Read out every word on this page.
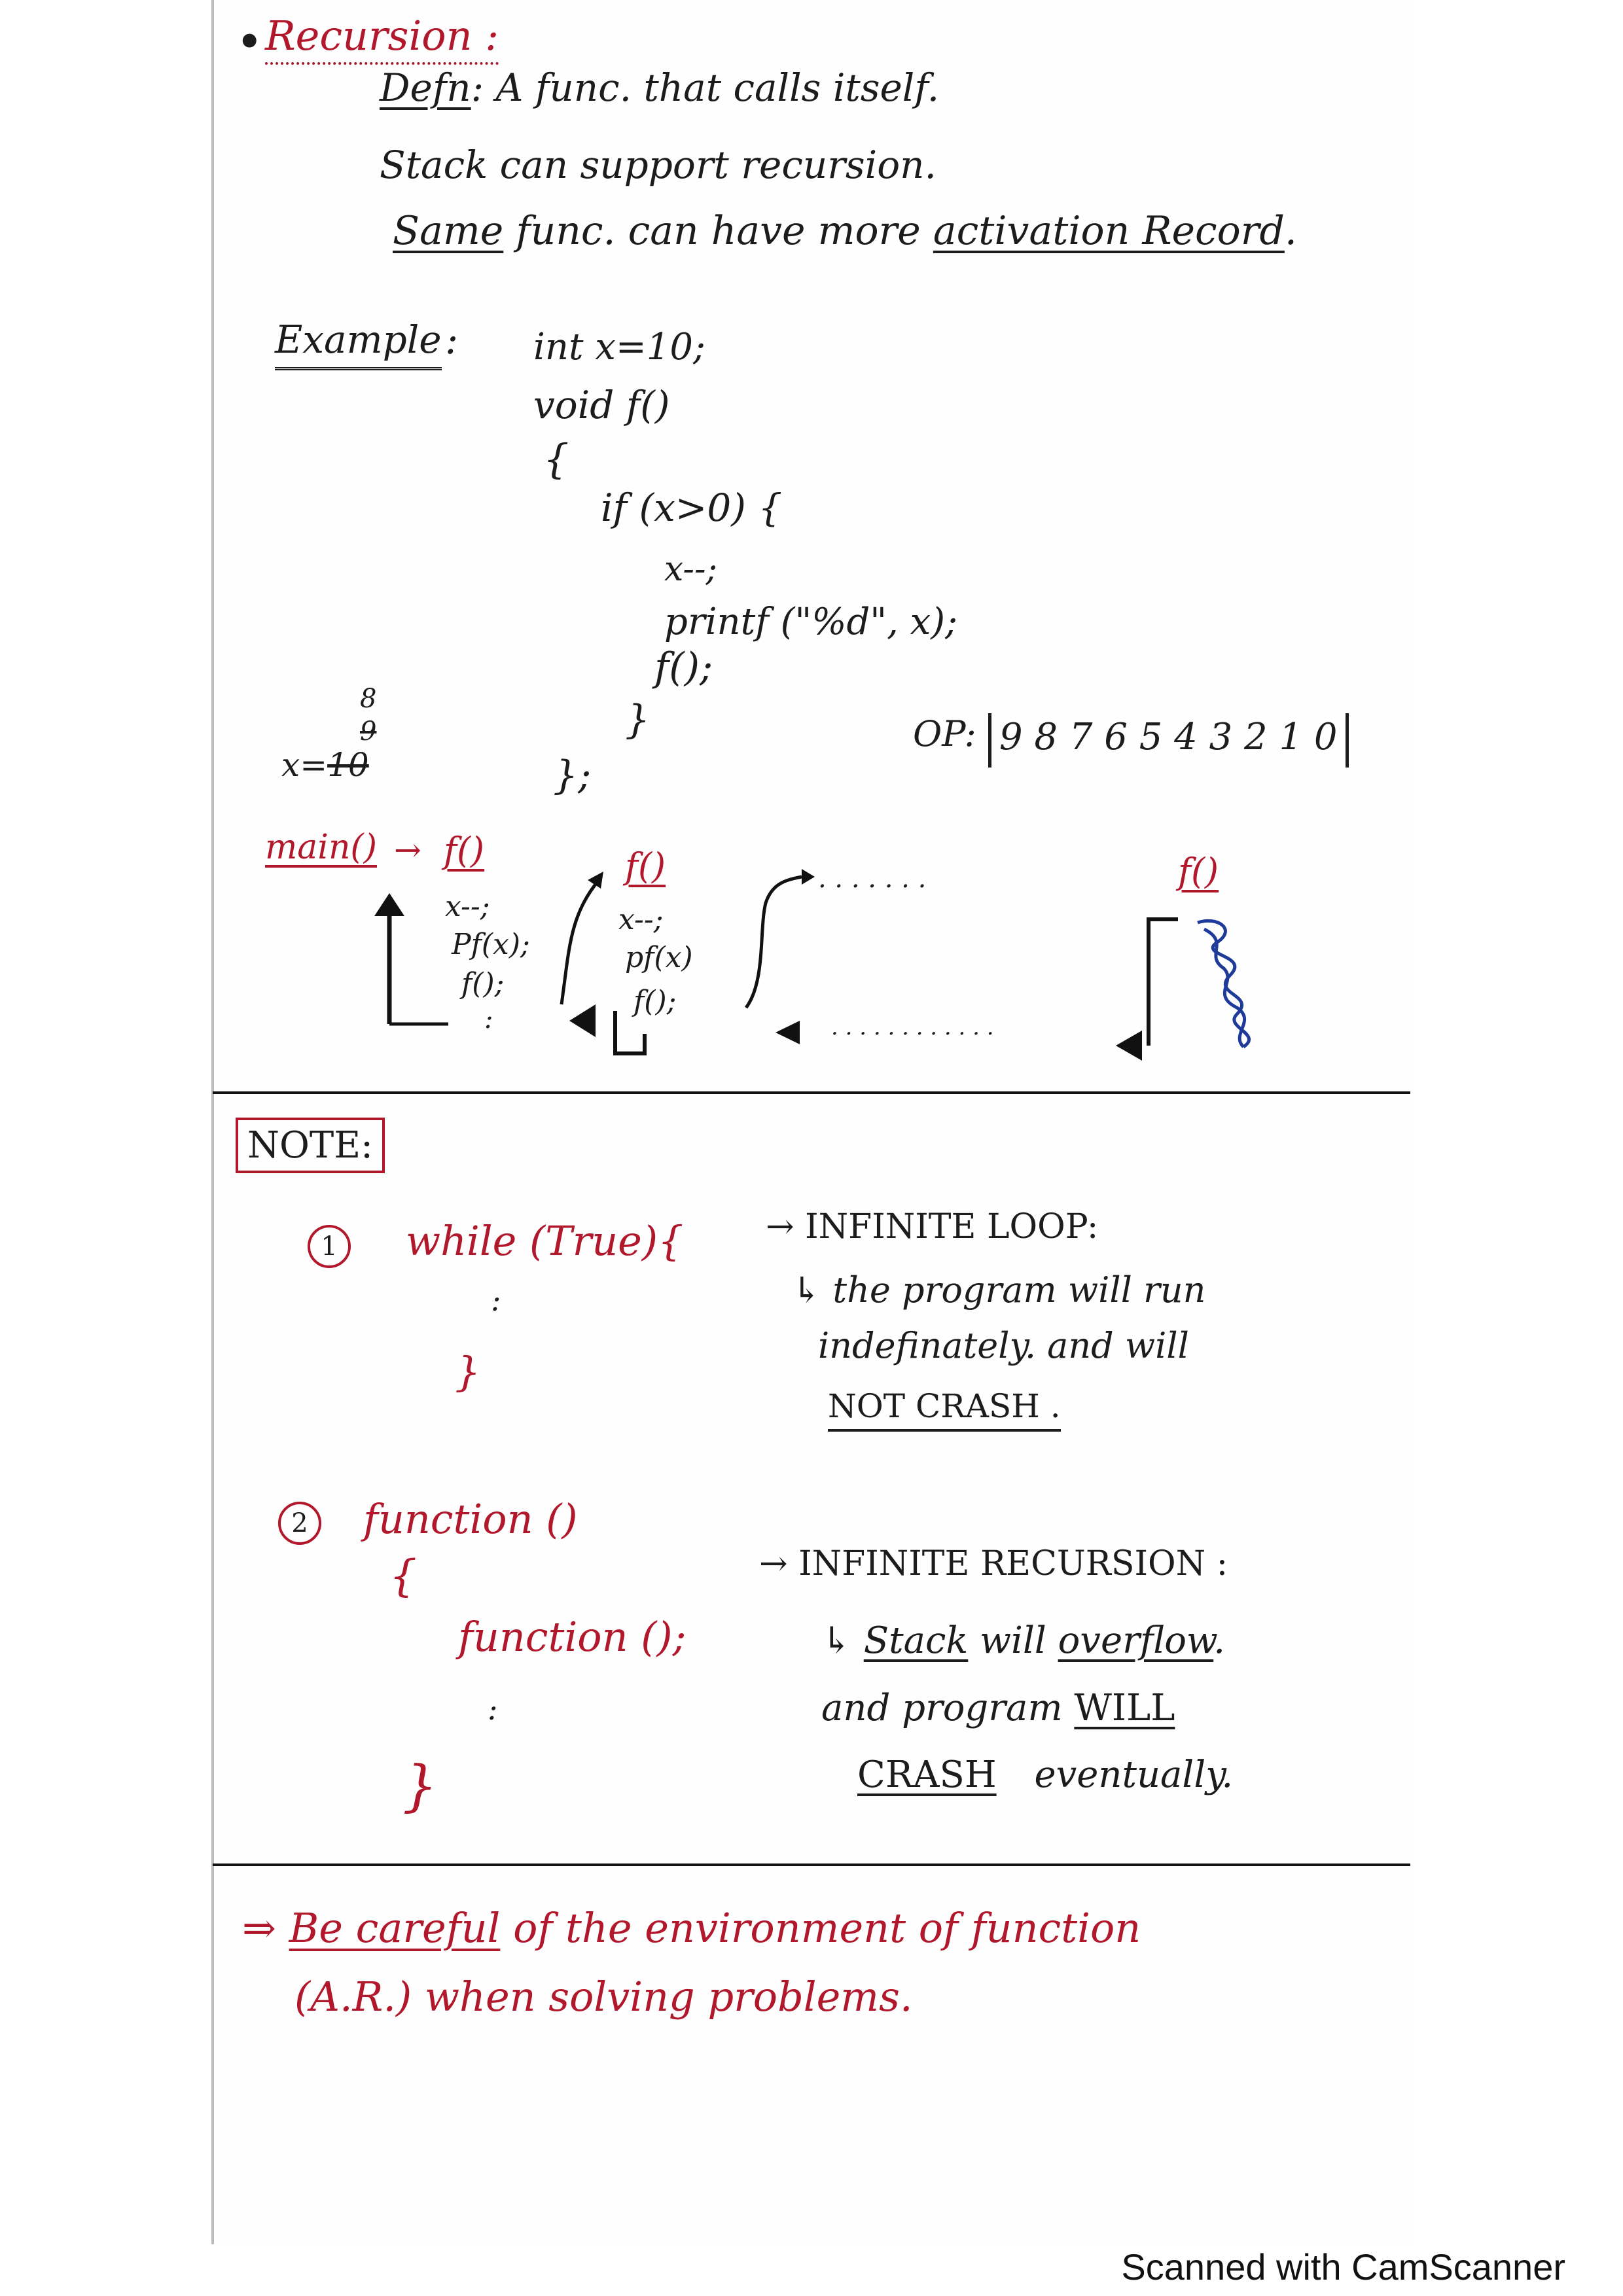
• Recursion :
Defn: A func. that calls itself.
Stack can support recursion.
Same func. can have more activation Record.
Example : int x=10;
void f()
{
if (x>0) {
x--;
printf ("%d", x);
f();
}
};
8
9
x=10
OP: 9 8 7 6 5 4 3 2 1 0
main() → f()
x--;
Pf(x);
f();
:
f()
x--;
pf(x)
f();
. . . . . . .
. . . . . . . . . . . .
f()
NOTE:
1	while (True){
:
}
→ INFINITE LOOP:
↳ the program will run
indefinately. and will
NOT CRASH .
2	function ()
{
function ();
:
}
→ INFINITE RECURSION :
↳ Stack will overflow.
and program WILL
CRASH eventually.
⇒ Be careful of the environment of function
(A.R.) when solving problems.
Scanned with CamScanner
